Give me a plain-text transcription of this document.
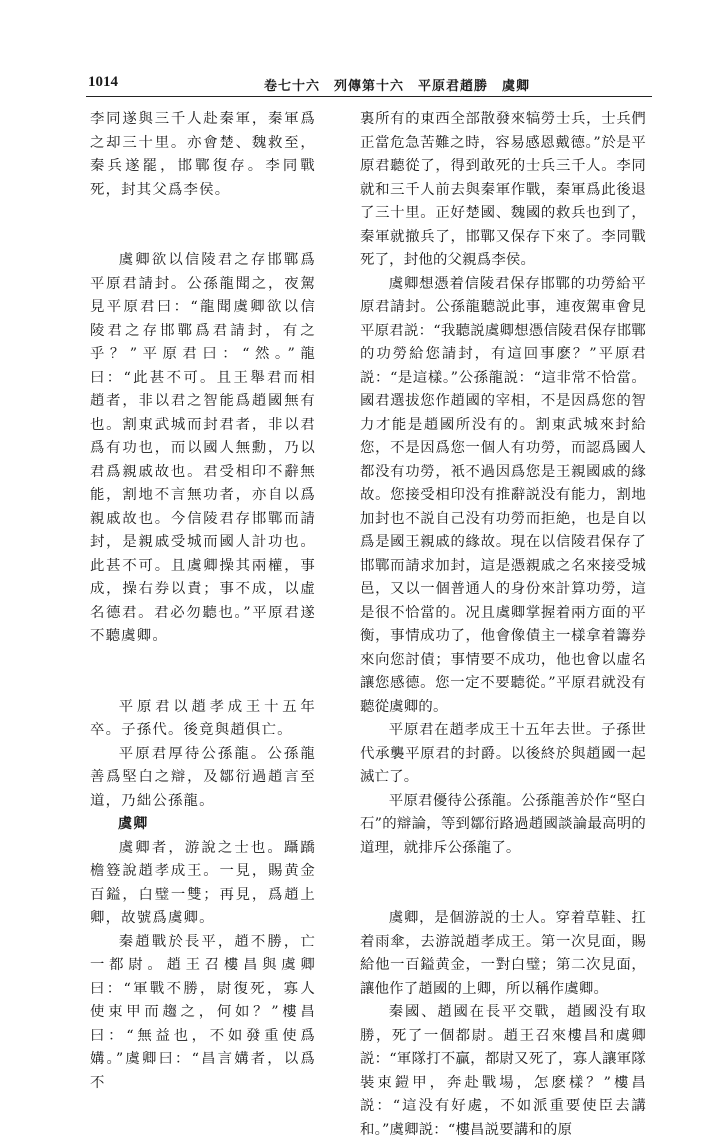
1014	卷七十六　列傳第十六　平原君趙勝　虞卿

李同遂與三千人赴秦軍，秦軍爲之却三十里。亦會楚、魏救至，秦兵遂罷，邯鄲復存。李同戰死，封其父爲李侯。

虞卿欲以信陵君之存邯鄲爲平原君請封。公孫龍聞之，夜駕見平原君曰：“龍聞虞卿欲以信陵君之存邯鄲爲君請封，有之乎？”平原君曰：“然。”龍曰：“此甚不可。且王舉君而相趙者，非以君之智能爲趙國無有也。割東武城而封君者，非以君爲有功也，而以國人無勳，乃以君爲親戚故也。君受相印不辭無能，割地不言無功者，亦自以爲親戚故也。今信陵君存邯鄲而請封，是親戚受城而國人計功也。此甚不可。且虞卿操其兩權，事成，操右券以責；事不成，以虛名德君。君必勿聽也。”平原君遂不聽虞卿。

平原君以趙孝成王十五年卒。子孫代。後竟與趙俱亡。

平原君厚待公孫龍。公孫龍善爲堅白之辯，及鄒衍過趙言至道，乃絀公孫龍。

虞卿

虞卿者，游說之士也。躡蹻檐簦說趙孝成王。一見，賜黄金百鎰，白璧一雙；再見，爲趙上卿，故號爲虞卿。

秦趙戰於長平，趙不勝，亡一都尉。趙王召樓昌與虞卿曰：“軍戰不勝，尉復死，寡人使束甲而趨之，何如？”樓昌曰：“無益也，不如發重使爲媾。”虞卿曰：“昌言媾者，以爲不

裏所有的東西全部散發來犒勞士兵，士兵們正當危急苦難之時，容易感恩戴德。”於是平原君聽從了，得到敢死的士兵三千人。李同就和三千人前去與秦軍作戰，秦軍爲此後退了三十里。正好楚國、魏國的救兵也到了，秦軍就撤兵了，邯鄲又保存下來了。李同戰死了，封他的父親爲李侯。

虞卿想憑着信陵君保存邯鄲的功勞給平原君請封。公孫龍聽説此事，連夜駕車會見平原君説：“我聽説虞卿想憑信陵君保存邯鄲的功勞給您請封，有這回事麽？”平原君説：“是這樣。”公孫龍説：“這非常不恰當。國君選拔您作趙國的宰相，不是因爲您的智力才能是趙國所没有的。割東武城來封給您，不是因爲您一個人有功勞，而認爲國人都没有功勞，衹不過因爲您是王親國戚的緣故。您接受相印没有推辭説没有能力，割地加封也不説自己没有功勞而拒絶，也是自以爲是國王親戚的緣故。現在以信陵君保存了邯鄲而請求加封，這是憑親戚之名來接受城邑，又以一個普通人的身份來計算功勞，這是很不恰當的。况且虞卿掌握着兩方面的平衡，事情成功了，他會像債主一樣拿着籌券來向您討債；事情要不成功，他也會以虛名讓您感德。您一定不要聽從。”平原君就没有聽從虞卿的。

平原君在趙孝成王十五年去世。子孫世代承襲平原君的封爵。以後終於與趙國一起滅亡了。

平原君優待公孫龍。公孫龍善於作“堅白石”的辯論，等到鄒衍路過趙國談論最高明的道理，就排斥公孫龍了。

虞卿，是個游説的士人。穿着草鞋、扛着雨傘，去游説趙孝成王。第一次見面，賜給他一百鎰黄金，一對白璧；第二次見面，讓他作了趙國的上卿，所以稱作虞卿。

秦國、趙國在長平交戰，趙國没有取勝，死了一個都尉。趙王召來樓昌和虞卿説：“軍隊打不贏，都尉又死了，寡人讓軍隊裝束鎧甲，奔赴戰場，怎麽樣？”樓昌説：“這没有好處，不如派重要使臣去講和。”虞卿説：“樓昌説要講和的原
